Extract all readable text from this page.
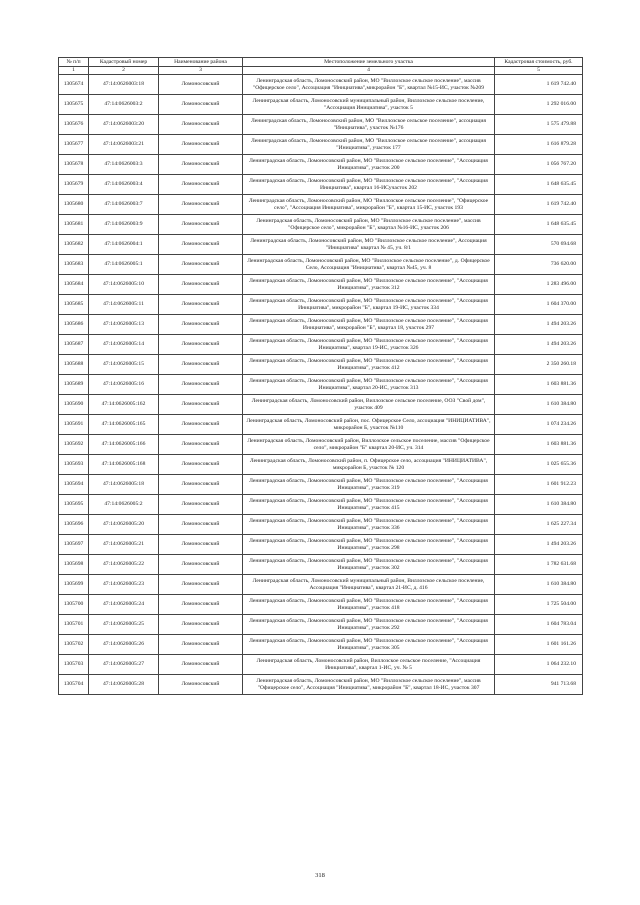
№ п/п	Кадастровый номер	Наименование района	Местоположение земельного участка	Кадастровая стоимость, руб.
1	2	3	4	5
1305674	47:14:0626003:18	Ломоносовский	Ленинградская область, Ломоносовский район, МО "Виллозское сельское поселение", массив "Офицерское село", Ассоциация "Инициатива",микрорайон "Б", квартал №15-ИС, участок №209	1 619 742.40
1305675	47:14:0626003:2	Ломоносовский	Ленинградская область, Ломоносовский муниципальный район, Виллозское сельское поселение, "Ассоциация Инициатива", участок 5	1 292 016.00
1305676	47:14:0626003:20	Ломоносовский	Ленинградская область, Ломоносовский район, МО "Виллозское сельское поселение", ассоциация "Инициатива", участок №176	1 575 479.88
1305677	47:14:0626003:21	Ломоносовский	Ленинградская область, Ломоносовский район, МО "Виллозское сельское поселение", ассоциация "Инициатива", участок 177	1 616 879.28
1305678	47:14:0626003:3	Ломоносовский	Ленинградская область, Ломоносовский район, МО "Виллозское сельское поселение", "Ассоциация Инициатива", участок 200	1 056 767.20
1305679	47:14:0626003:4	Ломоносовский	Ленинградская область, Ломоносовский район, МО "Виллозское сельское поселение", "Ассоциация Инициатива", квартал 16-ИСучасток 202	1 648 635.45
1305680	47:14:0626003:7	Ломоносовский	Ленинградская область, Ломоносовский район, МО "Виллозское сельское поселение", "Офицерское село", "Ассоциация Инициатива", микрорайон "Б", квартал 15-ИС, участок 193	1 619 742.40
1305681	47:14:0626003:9	Ломоносовский	Ленинградская область, Ломоносовский район, МО "Виллозское сельское поселение", массив "Офицерское село", микрорайон "Б", квартал №16-ИС, участок 206	1 648 635.45
1305682	47:14:0626004:1	Ломоносовский	Ленинградская область, Ломоносовский район, МО "Виллозское сельское поселение", Ассоциация "Инициатива" квартал № 45, уч. 8/1	570 694.68
1305683	47:14:0626005:1	Ломоносовский	Ленинградская область, Ломоносовский район, МО "Виллозское сельское поселение", д. Офицерское Село, Ассоциация "Инициатива", квартал №45, уч. 8	736 620.00
1305684	47:14:0626005:10	Ломоносовский	Ленинградская область, Ломоносовский район, МО "Виллозское сельское поселение", "Ассоциация Инициатива", участок 312	1 283 496.00
1305685	47:14:0626005:11	Ломоносовский	Ленинградская область, Ломоносовский район, МО "Виллозское сельское поселение", "Ассоциация Инициатива", микрорайон "Б", квартал 19-ИС, участок 334	1 604 370.00
1305686	47:14:0626005:13	Ломоносовский	Ленинградская область, Ломоносовский район, МО "Виллозское сельское поселение", "Ассоциация Инициатива", микрорайон "Б", квартал 18, участок 297	1 494 203.26
1305687	47:14:0626005:14	Ломоносовский	Ленинградская область, Ломоносовский район, МО "Виллозское сельское поселение", "Ассоциация Инициатива", квартал 19-ИС, участок 326	1 494 203.26
1305688	47:14:0626005:15	Ломоносовский	Ленинградская область, Ломоносовский район, МО "Виллозское сельское поселение", "Ассоциация Инициатива", участок 412	2 350 260.18
1305689	47:14:0626005:16	Ломоносовский	Ленинградская область, Ломоносовский район, МО "Виллозское сельское поселение", "Ассоциация Инициатива", квартал 20-ИС, участок 313	1 603 881.36
1305690	47:14:0626005:162	Ломоносовский	Ленинградская область, Ломоносовский район, Виллозское сельское поселение, ООЗ "Свой дом", участок 409	1 610 384.80
1305691	47:14:0626005:165	Ломоносовский	Ленинградская область, Ломоносовский район, пос. Офицерское Село, ассоциация "ИНИЦИАТИВА", микрорайон Б, участок №110	1 074 234.26
1305692	47:14:0626005:166	Ломоносовский	Ленинградская область, Ломоносовский район, Виллозское сельское поселение, массив "Офицерское село", микрорайон "Б" квартал 20-ИС, уч. 314	1 603 881.36
1305693	47:14:0626005:168	Ломоносовский	Ленинградская область, Ломоносовский район, п. Офицерское село, ассоциация "ИНИЦИАТИВА", микрорайон Б, участок № 120	1 025 655.36
1305694	47:14:0626005:18	Ломоносовский	Ленинградская область, Ломоносовский район, МО "Виллозское сельское поселение", "Ассоциация Инициатива", участок 319	1 601 912.23
1305695	47:14:0626005:2	Ломоносовский	Ленинградская область, Ломоносовский район, МО "Виллозское сельское поселение", "Ассоциация Инициатива", участок 415	1 610 384.80
1305696	47:14:0626005:20	Ломоносовский	Ленинградская область, Ломоносовский район, МО "Виллозское сельское поселение", "Ассоциация Инициатива", участок 336	1 625 227.34
1305697	47:14:0626005:21	Ломоносовский	Ленинградская область, Ломоносовский район, МО "Виллозское сельское поселение", "Ассоциация Инициатива", участок 298	1 494 203.26
1305698	47:14:0626005:22	Ломоносовский	Ленинградская область, Ломоносовский район, МО "Виллозское сельское поселение", "Ассоциация Инициатива", участок 302	1 782 631.68
1305699	47:14:0626005:23	Ломоносовский	Ленинградская область, Ломоносовский муниципальный район, Виллозское сельское поселение, Ассоциация "Инициатива", квартал 21-ИС, д. 416	1 610 384.80
1305700	47:14:0626005:24	Ломоносовский	Ленинградская область, Ломоносовский район, МО "Виллозское сельское поселение", "Ассоциация Инициатива", участок 418	1 725 504.00
1305701	47:14:0626005:25	Ломоносовский	Ленинградская область, Ломоносовский район, МО "Виллозское сельское поселение", "Ассоциация Инициатива", участок 292	1 604 783.04
1305702	47:14:0626005:26	Ломоносовский	Ленинградская область, Ломоносовский район, МО "Виллозское сельское поселение", "Ассоциация Инициатива", участок 305	1 601 161.26
1305703	47:14:0626005:27	Ломоносовский	Ленинградская область, Ломоносовский район, Виллозское сельское поселение, "Ассоциация Инициатива", квартал 1-ИС, уч. № 5	1 064 232.10
1305704	47:14:0626005:28	Ломоносовский	Ленинградская область, Ломоносовский район, МО "Виллозское сельское поселение", массив "Офицерское село", Ассоциация "Инициатива", микрорайон "Б", квартал 18-ИС, участок 307	941 713.68
318
